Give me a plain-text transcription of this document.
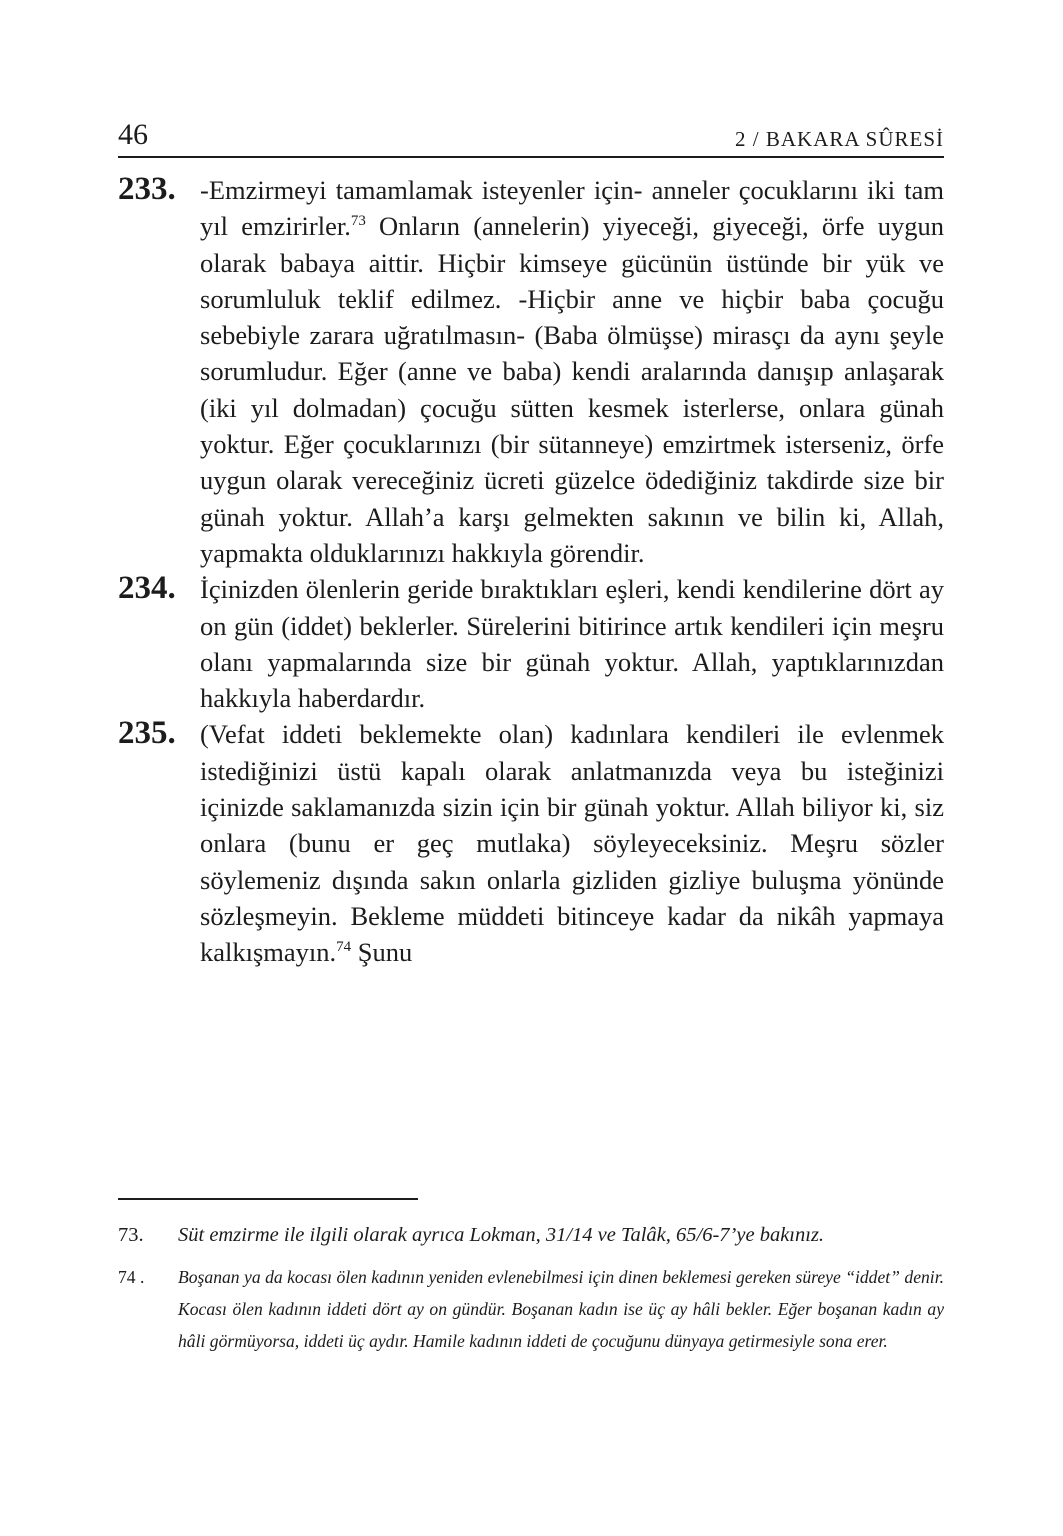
46	2 / BAKARA SÛRESİ

233. -Emzirmeyi tamamlamak isteyenler için- anneler çocuklarını iki tam yıl emzirirler.$^{73}$ Onların (annelerin) yiyeceği, giyeceği, örfe uygun olarak babaya aittir. Hiçbir kimseye gücünün üstünde bir yük ve sorumluluk teklif edilmez. -Hiçbir anne ve hiçbir baba çocuğu sebebiyle zarara uğratılmasın- (Baba ölmüşse) mirasçı da aynı şeyle sorumludur. Eğer (anne ve baba) kendi aralarında danışıp anlaşarak (iki yıl dolmadan) çocuğu sütten kesmek isterlerse, onlara günah yoktur. Eğer çocuklarınızı (bir sütanneye) emzirtmek isterseniz, örfe uygun olarak vereceğiniz ücreti güzelce ödediğiniz takdirde size bir günah yoktur. Allah’a karşı gelmekten sakının ve bilin ki, Allah, yapmakta olduklarınızı hakkıyla görendir.

234. İçinizden ölenlerin geride bıraktıkları eşleri, kendi kendilerine dört ay on gün (iddet) beklerler. Sürelerini bitirince artık kendileri için meşru olanı yapmalarında size bir günah yoktur. Allah, yaptıklarınızdan hakkıyla haberdardır.

235. (Vefat iddeti beklemekte olan) kadınlara kendileri ile evlenmek istediğinizi üstü kapalı olarak anlatmanızda veya bu isteğinizi içinizde saklamanızda sizin için bir günah yoktur. Allah biliyor ki, siz onlara (bunu er geç mutlaka) söyleyeceksiniz. Meşru sözler söylemeniz dışında sakın onlarla gizliden gizliye buluşma yönünde sözleşmeyin. Bekleme müddeti bitinceye kadar da nikâh yapmaya kalkışmayın.$^{74}$ Şunu

73. Süt emzirme ile ilgili olarak ayrıca Lokman, 31/14 ve Talâk, 65/6-7’ye bakınız.

74 . Boşanan ya da kocası ölen kadının yeniden evlenebilmesi için dinen beklemesi gereken süreye “iddet” denir. Kocası ölen kadının iddeti dört ay on gündür. Boşanan kadın ise üç ay hâli bekler. Eğer boşanan kadın ay hâli görmüyorsa, iddeti üç aydır. Hamile kadının iddeti de çocuğunu dünyaya getirmesiyle sona erer.
